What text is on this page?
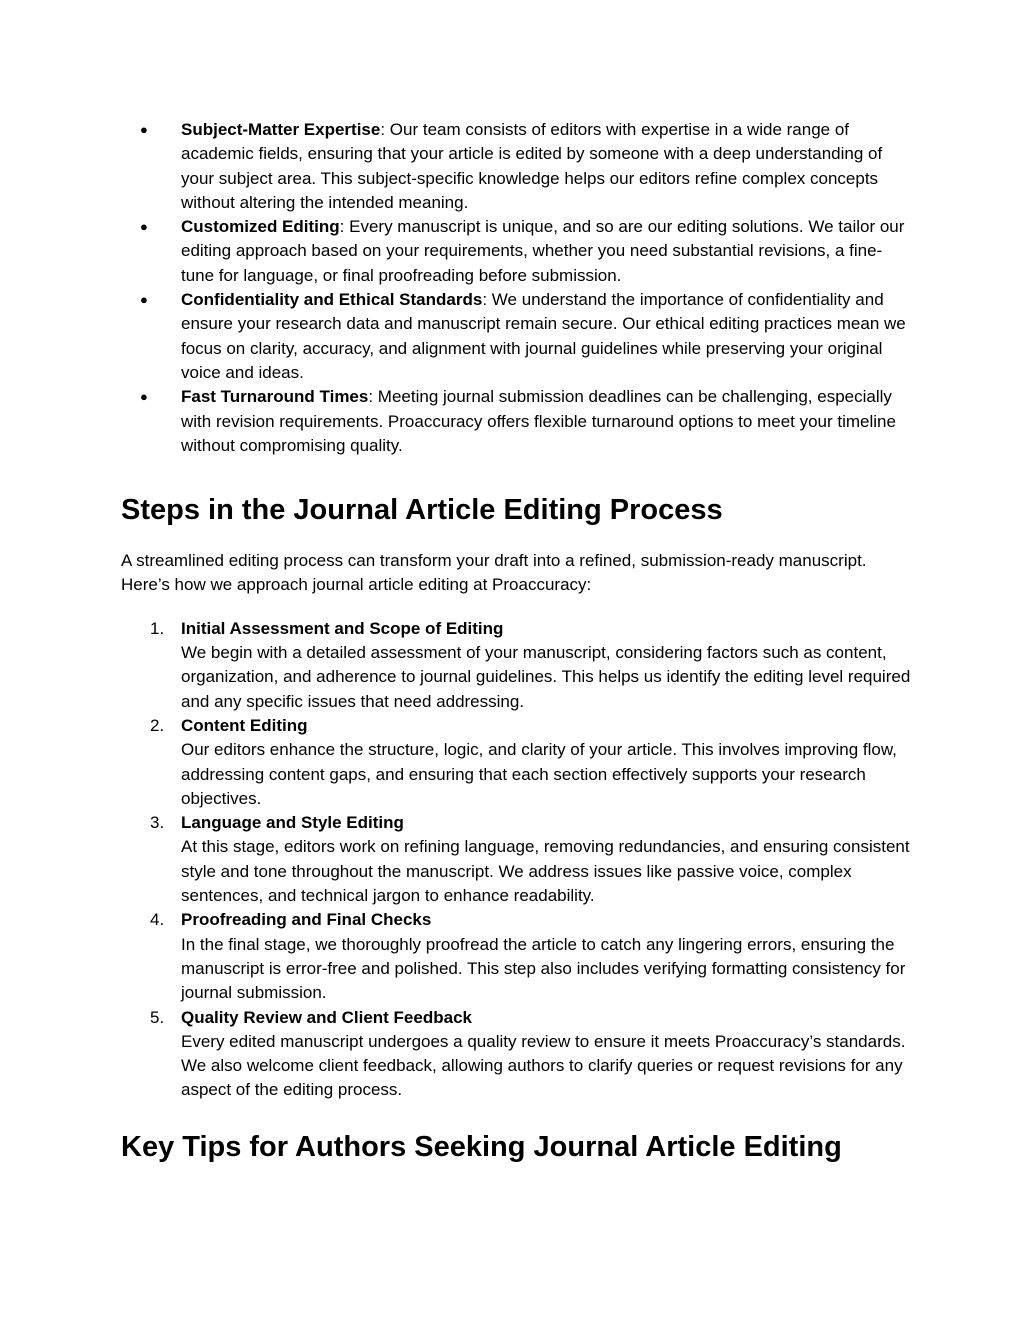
●	Subject-Matter Expertise: Our team consists of editors with expertise in a wide range of academic fields, ensuring that your article is edited by someone with a deep understanding of your subject area. This subject-specific knowledge helps our editors refine complex concepts without altering the intended meaning.
●	Customized Editing: Every manuscript is unique, and so are our editing solutions. We tailor our editing approach based on your requirements, whether you need substantial revisions, a fine-tune for language, or final proofreading before submission.
●	Confidentiality and Ethical Standards: We understand the importance of confidentiality and ensure your research data and manuscript remain secure. Our ethical editing practices mean we focus on clarity, accuracy, and alignment with journal guidelines while preserving your original voice and ideas.
●	Fast Turnaround Times: Meeting journal submission deadlines can be challenging, especially with revision requirements. Proaccuracy offers flexible turnaround options to meet your timeline without compromising quality.
Steps in the Journal Article Editing Process

A streamlined editing process can transform your draft into a refined, submission-ready manuscript. Here’s how we approach journal article editing at Proaccuracy:

1. Initial Assessment and Scope of Editing
We begin with a detailed assessment of your manuscript, considering factors such as content, organization, and adherence to journal guidelines. This helps us identify the editing level required and any specific issues that need addressing.
2. Content Editing
Our editors enhance the structure, logic, and clarity of your article. This involves improving flow, addressing content gaps, and ensuring that each section effectively supports your research objectives.
3. Language and Style Editing
At this stage, editors work on refining language, removing redundancies, and ensuring consistent style and tone throughout the manuscript. We address issues like passive voice, complex sentences, and technical jargon to enhance readability.
4. Proofreading and Final Checks
In the final stage, we thoroughly proofread the article to catch any lingering errors, ensuring the manuscript is error-free and polished. This step also includes verifying formatting consistency for journal submission.
5. Quality Review and Client Feedback
Every edited manuscript undergoes a quality review to ensure it meets Proaccuracy’s standards. We also welcome client feedback, allowing authors to clarify queries or request revisions for any aspect of the editing process.
Key Tips for Authors Seeking Journal Article Editing
